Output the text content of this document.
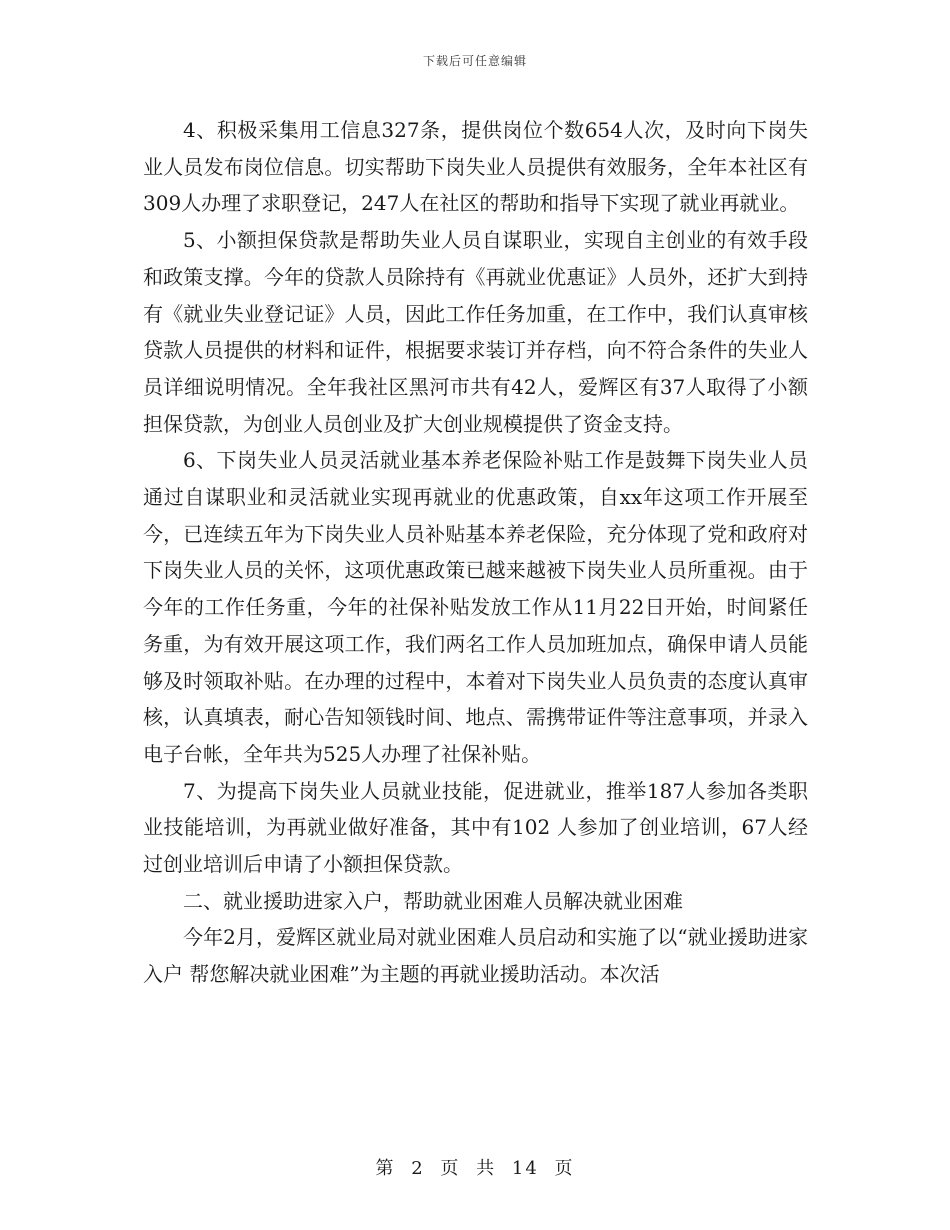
下载后可任意编辑

4、积极采集用工信息327条，提供岗位个数654人次，及时向下岗失业人员发布岗位信息。切实帮助下岗失业人员提供有效服务，全年本社区有309人办理了求职登记，247人在社区的帮助和指导下实现了就业再就业。

5、小额担保贷款是帮助失业人员自谋职业，实现自主创业的有效手段和政策支撑。今年的贷款人员除持有《再就业优惠证》人员外，还扩大到持有《就业失业登记证》人员，因此工作任务加重，在工作中，我们认真审核贷款人员提供的材料和证件，根据要求装订并存档，向不符合条件的失业人员详细说明情况。全年我社区黑河市共有42人，爱辉区有37人取得了小额担保贷款，为创业人员创业及扩大创业规模提供了资金支持。

6、下岗失业人员灵活就业基本养老保险补贴工作是鼓舞下岗失业人员通过自谋职业和灵活就业实现再就业的优惠政策，自xx年这项工作开展至今，已连续五年为下岗失业人员补贴基本养老保险，充分体现了党和政府对下岗失业人员的关怀，这项优惠政策已越来越被下岗失业人员所重视。由于今年的工作任务重，今年的社保补贴发放工作从11月22日开始，时间紧任务重，为有效开展这项工作，我们两名工作人员加班加点，确保申请人员能够及时领取补贴。在办理的过程中，本着对下岗失业人员负责的态度认真审核，认真填表，耐心告知领钱时间、地点、需携带证件等注意事项，并录入电子台帐，全年共为525人办理了社保补贴。

7、为提高下岗失业人员就业技能，促进就业，推举187人参加各类职业技能培训，为再就业做好准备，其中有102 人参加了创业培训，67人经过创业培训后申请了小额担保贷款。

二、就业援助进家入户，帮助就业困难人员解决就业困难

今年2月，爱辉区就业局对就业困难人员启动和实施了以“就业援助进家入户 帮您解决就业困难”为主题的再就业援助活动。本次活

第 2 页 共 14 页
